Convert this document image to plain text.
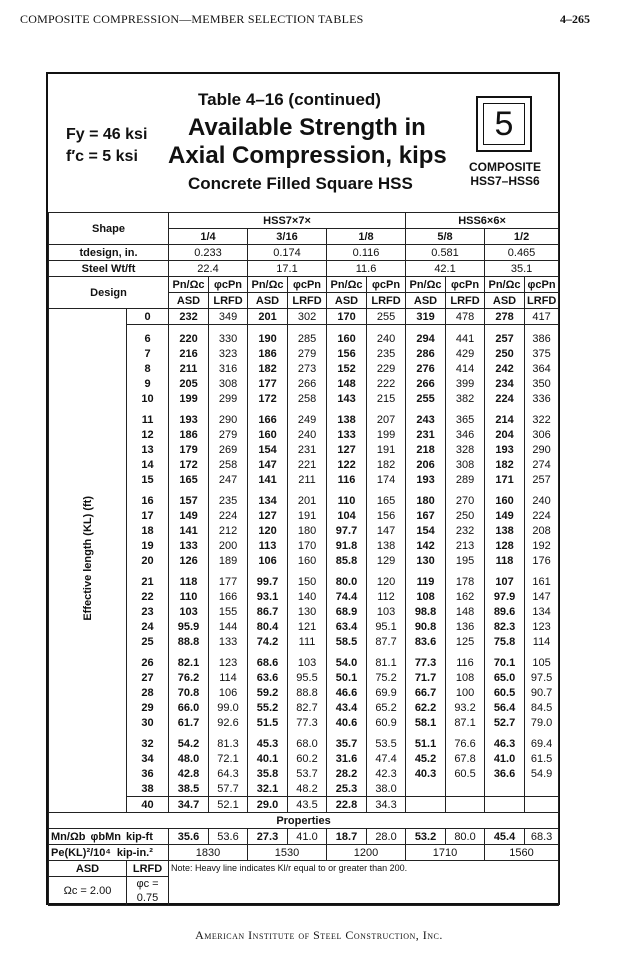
COMPOSITE COMPRESSION—MEMBER SELECTION TABLES	4–265
Fy = 46 ksi
f′c = 5 ksi
Table 4–16 (continued)
Available Strength in
Axial Compression, kips
Concrete Filled Square HSS
5
COMPOSITE
HSS7–HSS6
Shape		HSS7×7×						HSS6×6×			
		1/4		3/16		1/8		5/8		1/2	
tdesign, in.		0.233		0.174		0.116		0.581		0.465	
Steel Wt/ft		22.4		17.1		11.6		42.1		35.1	
Design		Pn/Ωc	φcPn	Pn/Ωc	φcPn	Pn/Ωc	φcPn	Pn/Ωc	φcPn	Pn/Ωc	φcPn
		ASD	LRFD	ASD	LRFD	ASD	LRFD	ASD	LRFD	ASD	LRFD
Effective length (KL) (ft)	0	232	349	201	302	170	255	319	478	278	417
	6	220	330	190	285	160	240	294	441	257	386
	7	216	323	186	279	156	235	286	429	250	375
	8	211	316	182	273	152	229	276	414	242	364
	9	205	308	177	266	148	222	266	399	234	350
	10	199	299	172	258	143	215	255	382	224	336
	11	193	290	166	249	138	207	243	365	214	322
	12	186	279	160	240	133	199	231	346	204	306
	13	179	269	154	231	127	191	218	328	193	290
	14	172	258	147	221	122	182	206	308	182	274
	15	165	247	141	211	116	174	193	289	171	257
	16	157	235	134	201	110	165	180	270	160	240
	17	149	224	127	191	104	156	167	250	149	224
	18	141	212	120	180	97.7	147	154	232	138	208
	19	133	200	113	170	91.8	138	142	213	128	192
	20	126	189	106	160	85.8	129	130	195	118	176
	21	118	177	99.7	150	80.0	120	119	178	107	161
	22	110	166	93.1	140	74.4	112	108	162	97.9	147
	23	103	155	86.7	130	68.9	103	98.8	148	89.6	134
	24	95.9	144	80.4	121	63.4	95.1	90.8	136	82.3	123
	25	88.8	133	74.2	111	58.5	87.7	83.6	125	75.8	114
	26	82.1	123	68.6	103	54.0	81.1	77.3	116	70.1	105
	27	76.2	114	63.6	95.5	50.1	75.2	71.7	108	65.0	97.5
	28	70.8	106	59.2	88.8	46.6	69.9	66.7	100	60.5	90.7
	29	66.0	99.0	55.2	82.7	43.4	65.2	62.2	93.2	56.4	84.5
	30	61.7	92.6	51.5	77.3	40.6	60.9	58.1	87.1	52.7	79.0
	32	54.2	81.3	45.3	68.0	35.7	53.5	51.1	76.6	46.3	69.4
	34	48.0	72.1	40.1	60.2	31.6	47.4	45.2	67.8	41.0	61.5
	36	42.8	64.3	35.8	53.7	28.2	42.3	40.3	60.5	36.6	54.9
	38	38.5	57.7	32.1	48.2	25.3	38.0				
	40	34.7	52.1	29.0	43.5	22.8	34.3				
Properties											
Mn/Ωb φbMn kip-ft		35.6	53.6	27.3	41.0	18.7	28.0	53.2	80.0	45.4	68.3
Pe(KL)²/10⁴ kip-in.²		1830		1530		1200		1710		1560	
ASD	LRFD	Note: Heavy line indicates Kl/r equal to or greater than 200.									
Ωc = 2.00	φc = 0.75										
American Institute of Steel Construction, Inc.
